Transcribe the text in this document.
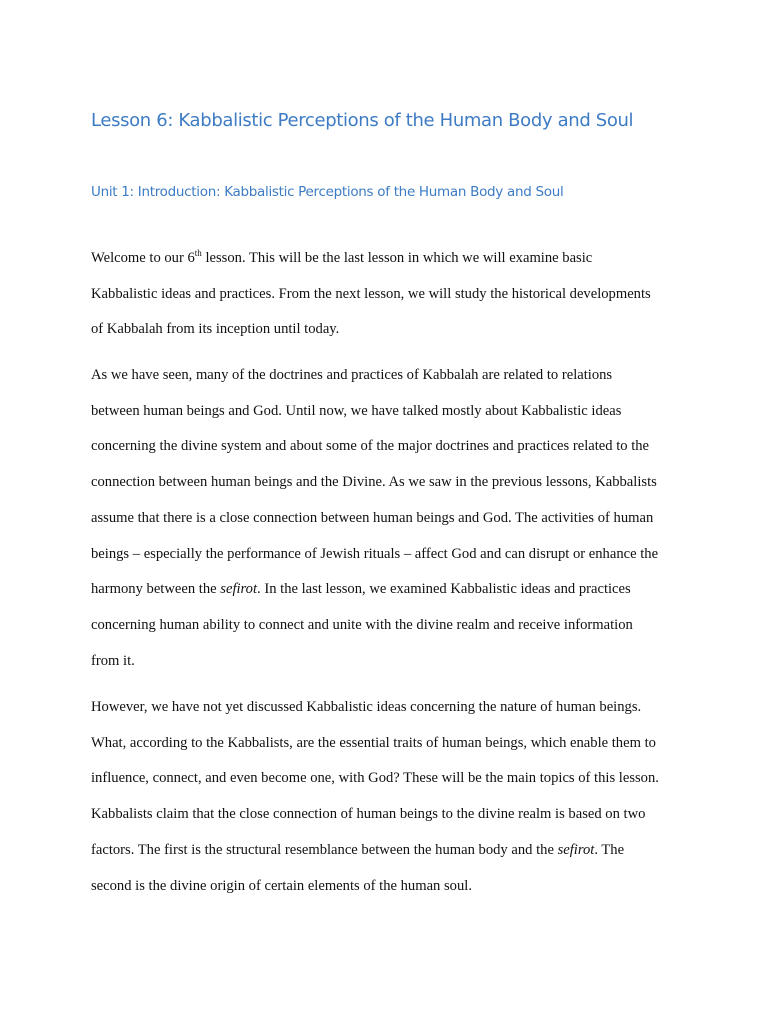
Lesson 6: Kabbalistic Perceptions of the Human Body and Soul
Unit 1: Introduction: Kabbalistic Perceptions of the Human Body and Soul
Welcome to our 6th lesson. This will be the last lesson in which we will examine basic
Kabbalistic ideas and practices. From the next lesson, we will study the historical developments
of Kabbalah from its inception until today.
As we have seen, many of the doctrines and practices of Kabbalah are related to relations
between human beings and God. Until now, we have talked mostly about Kabbalistic ideas
concerning the divine system and about some of the major doctrines and practices related to the
connection between human beings and the Divine. As we saw in the previous lessons, Kabbalists
assume that there is a close connection between human beings and God. The activities of human
beings – especially the performance of Jewish rituals – affect God and can disrupt or enhance the
harmony between the sefirot. In the last lesson, we examined Kabbalistic ideas and practices
concerning human ability to connect and unite with the divine realm and receive information
from it.
However, we have not yet discussed Kabbalistic ideas concerning the nature of human beings.
What, according to the Kabbalists, are the essential traits of human beings, which enable them to
influence, connect, and even become one, with God? These will be the main topics of this lesson.
Kabbalists claim that the close connection of human beings to the divine realm is based on two
factors. The first is the structural resemblance between the human body and the sefirot. The
second is the divine origin of certain elements of the human soul.
